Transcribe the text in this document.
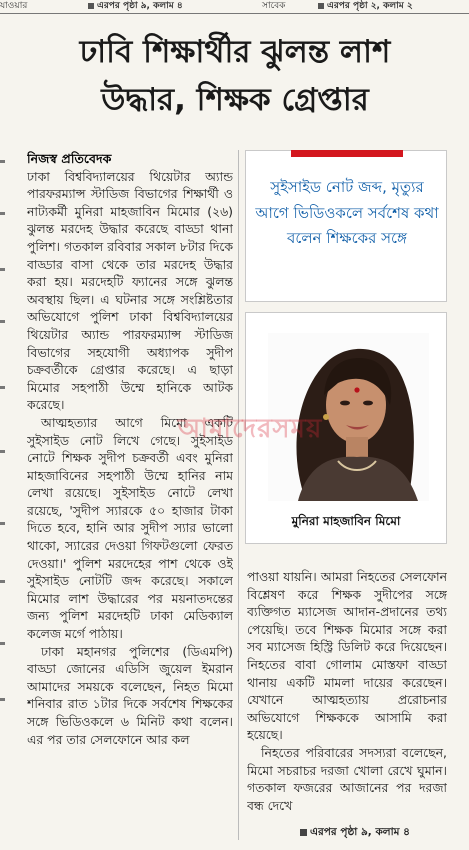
যাওয়ার	এরপর পৃষ্ঠা ৯, কলাম ৪	সাবেক	এরপর পৃষ্ঠা ২, কলাম ২
ঢাবি শিক্ষার্থীর ঝুলন্ত লাশ
উদ্ধার, শিক্ষক গ্রেপ্তার
নিজস্ব প্রতিবেদক

ঢাকা বিশ্ববিদ্যালয়ের থিয়েটার অ্যান্ড পারফরম্যান্স স্টাডিজ বিভাগের শিক্ষার্থী ও নাট্যকর্মী মুনিরা মাহজাবিন মিমোর (২৬) ঝুলন্ত মরদেহ উদ্ধার করেছে বাড্ডা থানা পুলিশ। গতকাল রবিবার সকাল ৮টার দিকে বাড্ডার বাসা থেকে তার মরদেহ উদ্ধার করা হয়। মরদেহটি ফ্যানের সঙ্গে ঝুলন্ত অবস্থায় ছিল। এ ঘটনার সঙ্গে সংশ্লিষ্টতার অভিযোগে পুলিশ ঢাকা বিশ্ববিদ্যালয়ের থিয়েটার অ্যান্ড পারফরম্যান্স স্টাডিজ বিভাগের সহযোগী অধ্যাপক সুদীপ চক্রবর্তীকে গ্রেপ্তার করেছে। এ ছাড়া মিমোর সহপাঠী উম্মে হানিকে আটক করেছে।

আত্মহত্যার আগে মিমো একটি সুইসাইড নোট লিখে গেছে। সুইসাইড নোটে শিক্ষক সুদীপ চক্রবর্তী এবং মুনিরা মাহজাবিনের সহপাঠী উম্মে হানির নাম লেখা রয়েছে। সুইসাইড নোটে লেখা রয়েছে, 'সুদীপ স্যারকে ৫০ হাজার টাকা দিতে হবে, হানি আর সুদীপ স্যার ভালো থাকো, স্যারের দেওয়া গিফটগুলো ফেরত দেওয়া।' পুলিশ মরদেহের পাশ থেকে ওই সুইসাইড নোটটি জব্দ করেছে। সকালে মিমোর লাশ উদ্ধারের পর ময়নাতদন্তের জন্য পুলিশ মরদেহটি ঢাকা মেডিক্যাল কলেজ মর্গে পাঠায়।

ঢাকা মহানগর পুলিশের (ডিএমপি) বাড্ডা জোনের এডিসি জুয়েল ইমরান আমাদের সময়কে বলেছেন, নিহত মিমো শনিবার রাত ১টার দিকে সর্বশেষ শিক্ষকের সঙ্গে ভিডিওকলে ৬ মিনিট কথা বলেন। এর পর তার সেলফোনে আর কল

সুইসাইড নোট জব্দ, মৃত্যুর আগে ভিডিওকলে সর্বশেষ কথা বলেন শিক্ষকের সঙ্গে
মুনিরা মাহজাবিন মিমো
আমাদেরসময়

পাওয়া যায়নি। আমরা নিহতের সেলফোন বিশ্লেষণ করে শিক্ষক সুদীপের সঙ্গে ব্যক্তিগত ম্যাসেজ আদান-প্রদানের তথ্য পেয়েছি। তবে শিক্ষক মিমোর সঙ্গে করা সব ম্যাসেজ হিস্ট্রি ডিলিট করে দিয়েছেন। নিহতের বাবা গোলাম মোস্তফা বাড্ডা থানায় একটি মামলা দায়ের করেছেন। যেখানে আত্মহত্যায় প্ররোচনার অভিযোগে শিক্ষককে আসামি করা হয়েছে।

নিহতের পরিবারের সদস্যরা বলেছেন, মিমো সচরাচর দরজা খোলা রেখে ঘুমান। গতকাল ফজরের আজানের পর দরজা বন্ধ দেখে

এরপর পৃষ্ঠা ৯, কলাম ৪
